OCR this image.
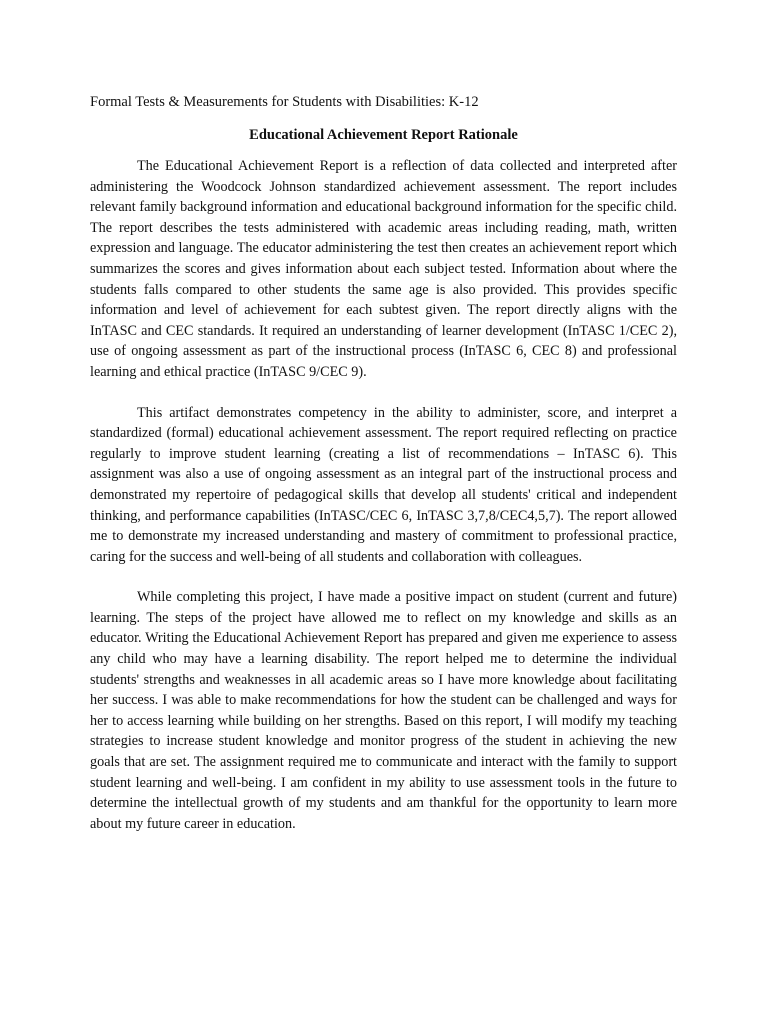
Formal Tests & Measurements for Students with Disabilities: K-12

Educational Achievement Report Rationale

The Educational Achievement Report is a reflection of data collected and interpreted after administering the Woodcock Johnson standardized achievement assessment. The report includes relevant family background information and educational background information for the specific child. The report describes the tests administered with academic areas including reading, math, written expression and language. The educator administering the test then creates an achievement report which summarizes the scores and gives information about each subject tested. Information about where the students falls compared to other students the same age is also provided. This provides specific information and level of achievement for each subtest given. The report directly aligns with the InTASC and CEC standards. It required an understanding of learner development (InTASC 1/CEC 2), use of ongoing assessment as part of the instructional process (InTASC 6, CEC 8) and professional learning and ethical practice (InTASC 9/CEC 9).

This artifact demonstrates competency in the ability to administer, score, and interpret a standardized (formal) educational achievement assessment. The report required reflecting on practice regularly to improve student learning (creating a list of recommendations – InTASC 6). This assignment was also a use of ongoing assessment as an integral part of the instructional process and demonstrated my repertoire of pedagogical skills that develop all students' critical and independent thinking, and performance capabilities (InTASC/CEC 6, InTASC 3,7,8/CEC4,5,7). The report allowed me to demonstrate my increased understanding and mastery of commitment to professional practice, caring for the success and well-being of all students and collaboration with colleagues.

While completing this project, I have made a positive impact on student (current and future) learning. The steps of the project have allowed me to reflect on my knowledge and skills as an educator. Writing the Educational Achievement Report has prepared and given me experience to assess any child who may have a learning disability. The report helped me to determine the individual students' strengths and weaknesses in all academic areas so I have more knowledge about facilitating her success. I was able to make recommendations for how the student can be challenged and ways for her to access learning while building on her strengths. Based on this report, I will modify my teaching strategies to increase student knowledge and monitor progress of the student in achieving the new goals that are set. The assignment required me to communicate and interact with the family to support student learning and well-being. I am confident in my ability to use assessment tools in the future to determine the intellectual growth of my students and am thankful for the opportunity to learn more about my future career in education.
